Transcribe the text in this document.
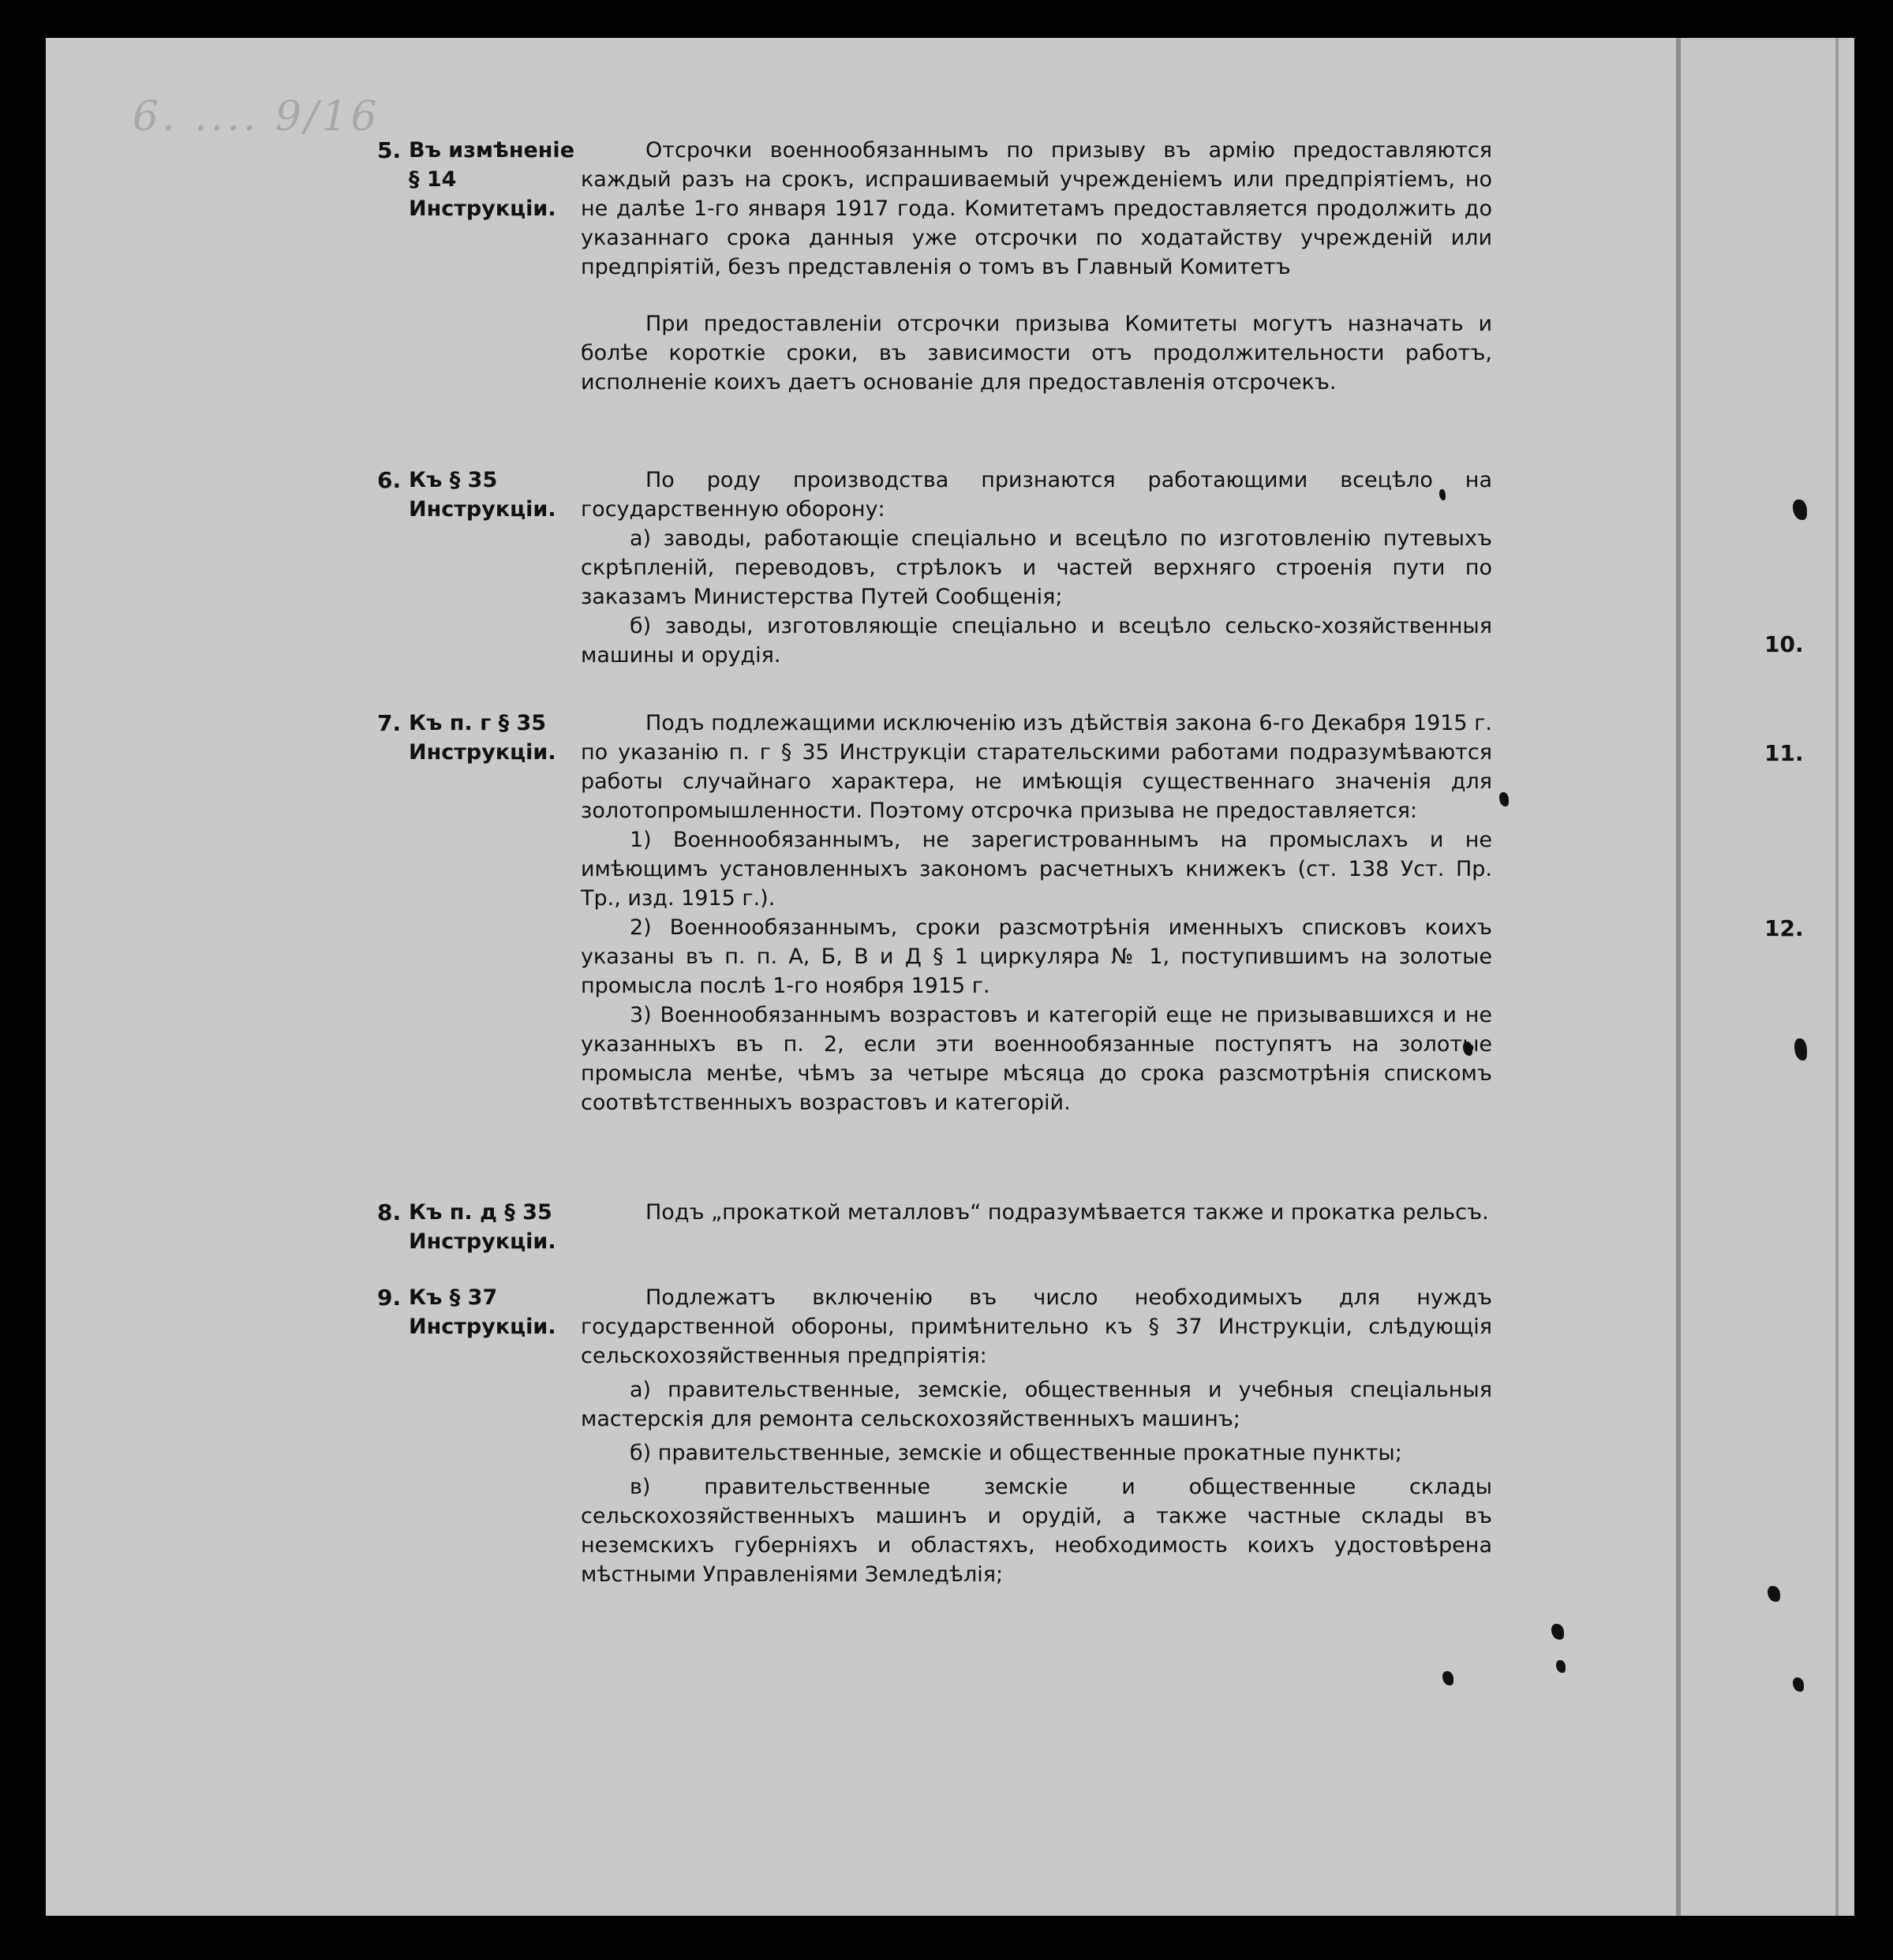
6. .... 9/16
10.
11.
12.
5. Въ измѣненіе § 14 Инструкціи.

Отсрочки военнообязаннымъ по призыву въ армію предоставляются каждый разъ на срокъ, испрашиваемый учрежденіемъ или предпріятіемъ, но не далѣе 1-го января 1917 года. Комитетамъ предоставляется продолжить до указаннаго срока данныя уже отсрочки по ходатайству учрежденій или предпріятій, безъ представленія о томъ въ Главный Комитетъ

При предоставленіи отсрочки призыва Комитеты могутъ назначать и болѣе короткіе сроки, въ зависимости отъ продолжительности работъ, исполненіе коихъ даетъ основаніе для предоставленія отсрочекъ.

6. Къ § 35 Инструкціи.

По роду производства признаются работающими всецѣло на государственную оборону:

а) заводы, работающіе спеціально и всецѣло по изготовленію путевыхъ скрѣпленій, переводовъ, стрѣлокъ и частей верхняго строенія пути по заказамъ Министерства Путей Сообщенія;

б) заводы, изготовляющіе спеціально и всецѣло сельско-хозяйственныя машины и орудія.

7. Къ п. г § 35 Инструкціи.

Подъ подлежащими исключенію изъ дѣйствія закона 6-го Декабря 1915 г. по указанію п. г § 35 Инструкціи старательскими работами подразумѣваются работы случайнаго характера, не имѣющія существеннаго значенія для золотопромышленности. Поэтому отсрочка призыва не предоставляется:

1) Военнообязаннымъ, не зарегистрованнымъ на промыслахъ и не имѣющимъ установленныхъ закономъ расчетныхъ книжекъ (ст. 138 Уст. Пр. Тр., изд. 1915 г.).

2) Военнообязаннымъ, сроки разсмотрѣнія именныхъ списковъ коихъ указаны въ п. п. А, Б, В и Д § 1 циркуляра № 1, поступившимъ на золотые промысла послѣ 1-го ноября 1915 г.

3) Военнообязаннымъ возрастовъ и категорій еще не призывавшихся и не указанныхъ въ п. 2, если эти военнообязанные поступятъ на золотые промысла менѣе, чѣмъ за четыре мѣсяца до срока разсмотрѣнія спискомъ соотвѣтственныхъ возрастовъ и категорій.

8. Къ п. д § 35 Инструкціи.

Подъ „прокаткой металловъ“ подразумѣвается также и прокатка рельсъ.

9. Къ § 37 Инструкціи.

Подлежатъ включенію въ число необходимыхъ для нуждъ государственной обороны, примѣнительно къ § 37 Инструкціи, слѣдующія сельскохозяйственныя предпріятія:

а) правительственные, земскіе, общественныя и учебныя спеціальныя мастерскія для ремонта сельскохозяйственныхъ машинъ;

б) правительственные, земскіе и общественные прокатные пункты;

в) правительственные земскіе и общественные склады сельскохозяйственныхъ машинъ и орудій, а также частные склады въ неземскихъ губерніяхъ и областяхъ, необходимость коихъ удостовѣрена мѣстными Управленіями Земледѣлія;
